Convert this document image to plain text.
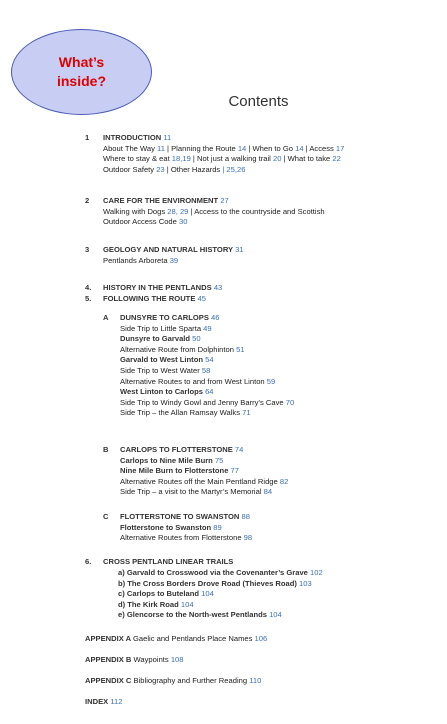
What’s
inside?
Contents
1 INTRODUCTION 11
About The Way 11 | Planning the Route 14 | When to Go 14 | Access 17
Where to stay & eat 18,19 | Not just a walking trail 20 | What to take 22
Outdoor Safety 23 | Other Hazards | 25,26
2 CARE FOR THE ENVIRONMENT 27
Walking with Dogs 28, 29 | Access to the countryside and Scottish
Outdoor Access Code 30
3 GEOLOGY AND NATURAL HISTORY 31
Pentlands Arboreta 39
4. HISTORY IN THE PENTLANDS 43
5. FOLLOWING THE ROUTE 45
A DUNSYRE TO CARLOPS 46
Side Trip to Little Sparta 49
Dunsyre to Garvald 50
Alternative Route from Dolphinton 51
Garvald to West Linton 54
Side Trip to West Water 58
Alternative Routes to and from West Linton 59
West Linton to Carlops 64
Side Trip to Windy Gowl and Jenny Barry’s Cave 70
Side Trip – the Allan Ramsay Walks 71
B CARLOPS TO FLOTTERSTONE 74
Carlops to Nine Mile Burn 75
Nine Mile Burn to Flotterstone 77
Alternative Routes off the Main Pentland Ridge 82
Side Trip – a visit to the Martyr’s Memorial 84
C FLOTTERSTONE TO SWANSTON 88
Flotterstone to Swanston 89
Alternative Routes from Flotterstone 98
6. CROSS PENTLAND LINEAR TRAILS
a) Garvald to Crosswood via the Covenanter’s Grave 102
b) The Cross Borders Drove Road (Thieves Road) 103
c) Carlops to Buteland 104
d) The Kirk Road 104
e) Glencorse to the North-west Pentlands 104
APPENDIX A Gaelic and Pentlands Place Names 106
APPENDIX B Waypoints 108
APPENDIX C Bibliography and Further Reading 110
INDEX 112
